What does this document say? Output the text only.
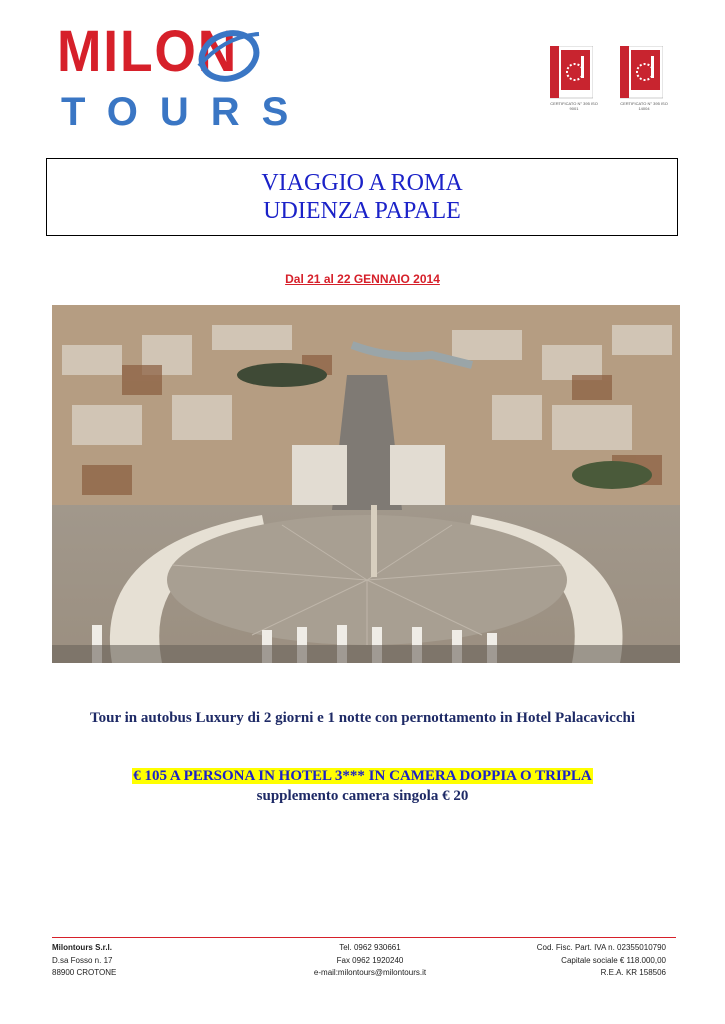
MILON
TOURS	CERTIFICATO N° 395 ISO 9001
CERTIFICATO N° 395 ISO 14004
VIAGGIO A ROMA
UDIENZA PAPALE
Dal 21 al 22 GENNAIO 2014
Tour in autobus Luxury di 2 giorni e 1 notte con pernottamento in Hotel Palacavicchi
€ 105 A PERSONA IN HOTEL 3*** IN CAMERA DOPPIA O TRIPLA
supplemento camera singola € 20
Milontours S.r.l.
D.sa Fosso n. 17
88900 CROTONE
Tel. 0962 930661
Fax 0962 1920240
e-mail:milontours@milontours.it
Cod. Fisc. Part. IVA n. 02355010790
Capitale sociale € 118.000,00
R.E.A. KR 158506
